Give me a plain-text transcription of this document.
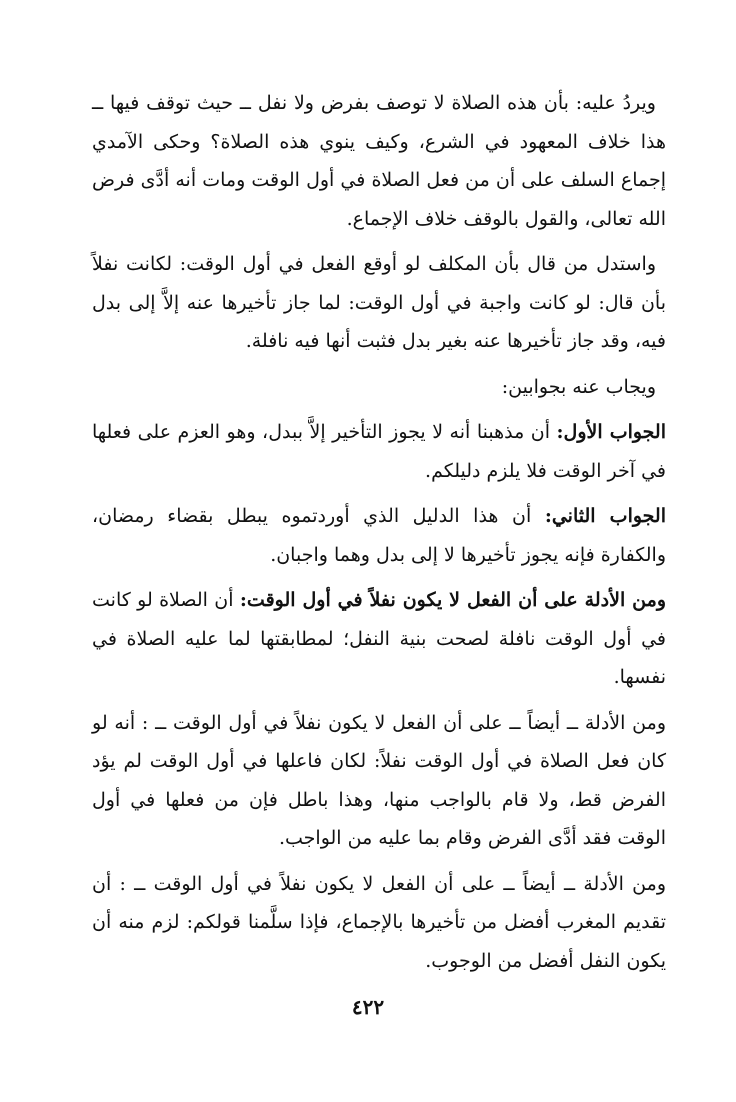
ويردُ عليه: بأن هذه الصلاة لا توصف بفرض ولا نفل ــ حيث توقف فيها ــ هذا خلاف المعهود في الشرع، وكيف ينوي هذه الصلاة؟ وحكى الآمدي إجماع السلف على أن من فعل الصلاة في أول الوقت ومات أنه أدَّى فرض الله تعالى، والقول بالوقف خلاف الإجماع.

واستدل من قال بأن المكلف لو أوقع الفعل في أول الوقت: لكانت نفلاً بأن قال: لو كانت واجبة في أول الوقت: لما جاز تأخيرها عنه إلاَّ إلى بدل فيه، وقد جاز تأخيرها عنه بغير بدل فثبت أنها فيه نافلة.

ويجاب عنه بجوابين:

الجواب الأول: أن مذهبنا أنه لا يجوز التأخير إلاَّ ببدل، وهو العزم على فعلها في آخر الوقت فلا يلزم دليلكم.

الجواب الثاني: أن هذا الدليل الذي أوردتموه يبطل بقضاء رمضان، والكفارة فإنه يجوز تأخيرها لا إلى بدل وهما واجبان.

ومن الأدلة على أن الفعل لا يكون نفلاً في أول الوقت: أن الصلاة لو كانت في أول الوقت نافلة لصحت بنية النفل؛ لمطابقتها لما عليه الصلاة في نفسها.

ومن الأدلة ــ أيضاً ــ على أن الفعل لا يكون نفلاً في أول الوقت ــ : أنه لو كان فعل الصلاة في أول الوقت نفلاً: لكان فاعلها في أول الوقت لم يؤد الفرض قط، ولا قام بالواجب منها، وهذا باطل فإن من فعلها في أول الوقت فقد أدَّى الفرض وقام بما عليه من الواجب.

ومن الأدلة ــ أيضاً ــ على أن الفعل لا يكون نفلاً في أول الوقت ــ : أن تقديم المغرب أفضل من تأخيرها بالإجماع، فإذا سلَّمنا قولكم: لزم منه أن يكون النفل أفضل من الوجوب.

٤٢٢
